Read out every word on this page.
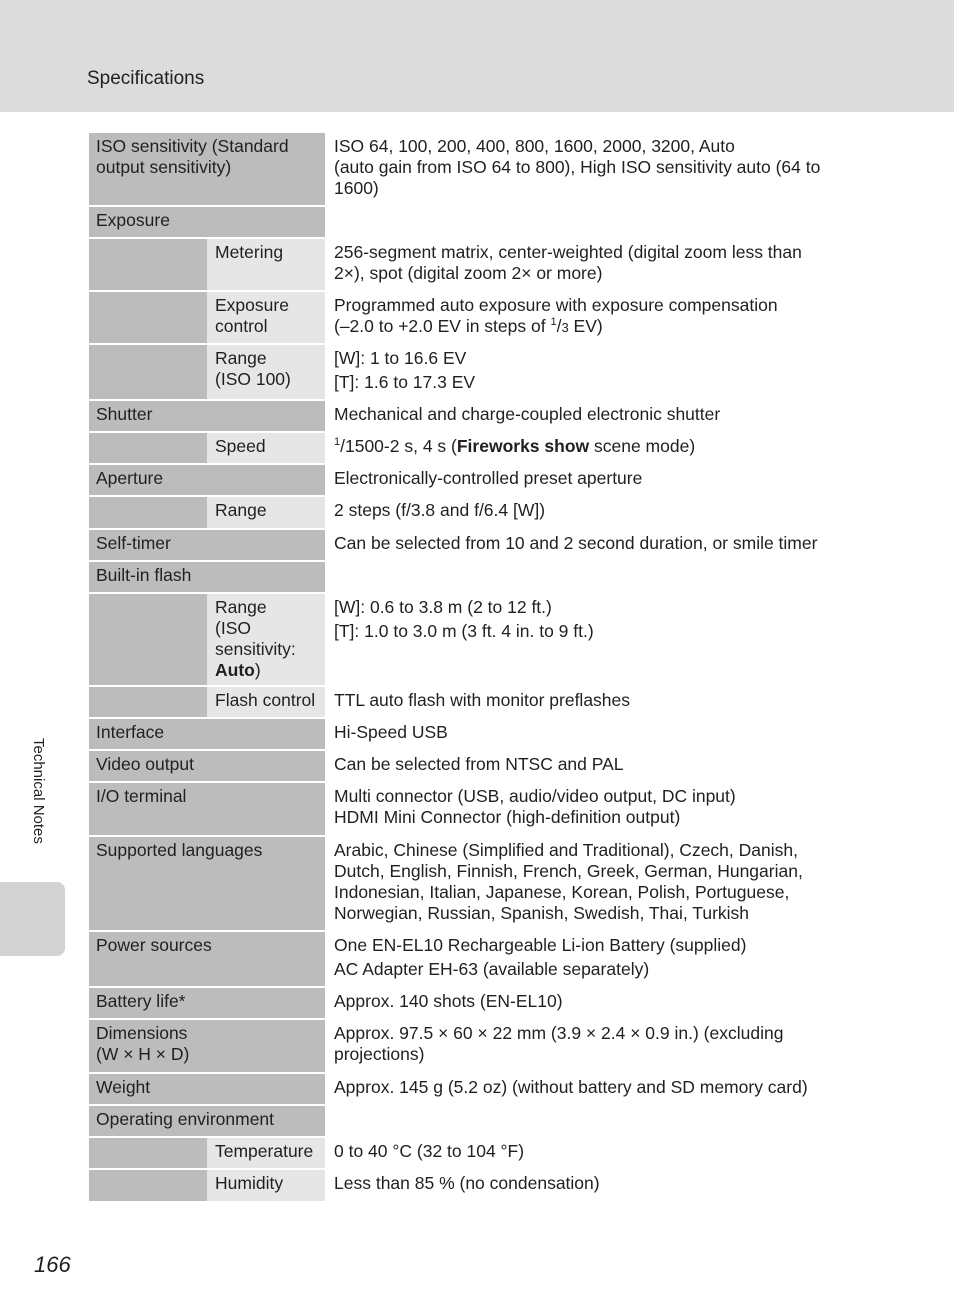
Specifications
Technical Notes
ISO sensitivity (Standard
output sensitivity)		ISO 64, 100, 200, 400, 800, 1600, 2000, 3200, Auto
(auto gain from ISO 64 to 800), High ISO sensitivity auto (64 to
1600)

Exposure		
	Metering	256-segment matrix, center-weighted (digital zoom less than
2×), spot (digital zoom 2× or more)

	Exposure control	Programmed auto exposure with exposure compensation
(–2.0 to +2.0 EV in steps of $^1$/3 EV)

	Range
(ISO 100)	[W]: 1 to 16.6 EV
[T]: 1.6 to 17.3 EV

Shutter		Mechanical and charge-coupled electronic shutter
	Speed	$^1$/1500-2 s, 4 s (Fireworks show scene mode)
Aperture		Electronically-controlled preset aperture
	Range	2 steps (f/3.8 and f/6.4 [W])
Self-timer		Can be selected from 10 and 2 second duration, or smile timer
Built-in flash		

	Range
(ISO sensitivity: Auto)	[W]: 0.6 to 3.8 m (2 to 12 ft.)
[T]: 1.0 to 3.0 m (3 ft. 4 in. to 9 ft.)

	Flash control	TTL auto flash with monitor preflashes
Interface		Hi-Speed USB
Video output		Can be selected from NTSC and PAL
I/O terminal		Multi connector (USB, audio/video output, DC input)
HDMI Mini Connector (high-definition output)

Supported languages		Arabic, Chinese (Simplified and Traditional), Czech, Danish,
Dutch, English, Finnish, French, Greek, German, Hungarian,
Indonesian, Italian, Japanese, Korean, Polish, Portuguese,
Norwegian, Russian, Spanish, Swedish, Thai, Turkish

Power sources		One EN-EL10 Rechargeable Li-ion Battery (supplied)
AC Adapter EH-63 (available separately)

Battery life*		Approx. 140 shots (EN-EL10)

Dimensions
(W × H × D)		Approx. 97.5 × 60 × 22 mm (3.9 × 2.4 × 0.9 in.) (excluding
projections)

Weight		Approx. 145 g (5.2 oz) (without battery and SD memory card)
Operating environment		
	Temperature	0 to 40 °C (32 to 104 °F)
	Humidity	Less than 85 % (no condensation)
166
